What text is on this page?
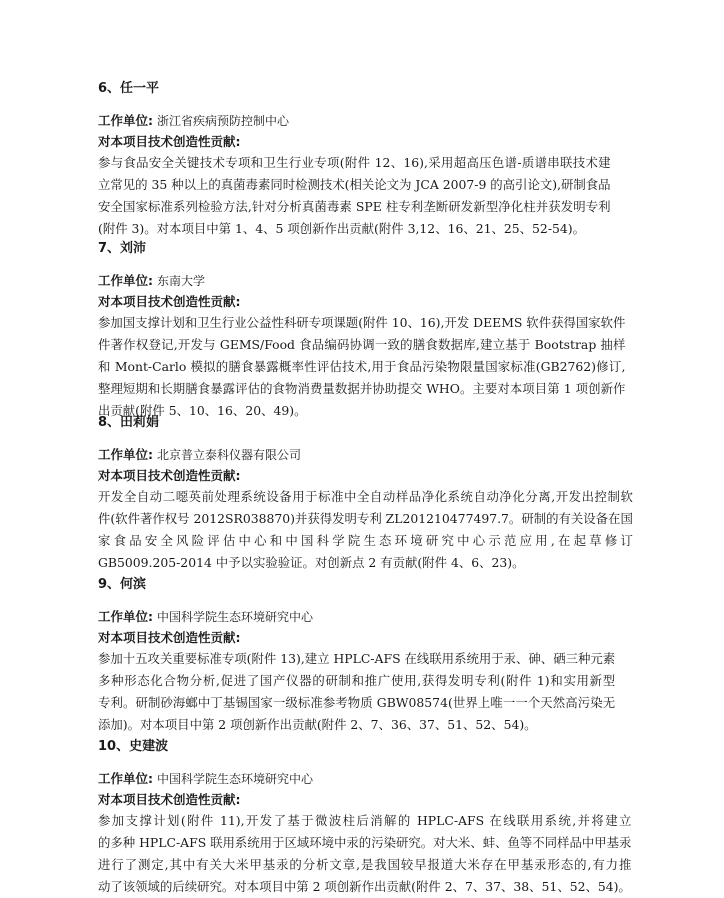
6、任一平
工作单位: 浙江省疾病预防控制中心
对本项目技术创造性贡献:
参与食品安全关键技术专项和卫生行业专项(附件 12、16),采用超高压色谱-质谱串联技术建
立常见的 35 种以上的真菌毒素同时检测技术(相关论文为 JCA 2007-9 的高引论文),研制食品
安全国家标准系列检验方法,针对分析真菌毒素 SPE 柱专利垄断研发新型净化柱并获发明专利
(附件 3)。对本项目中第 1、4、5 项创新作出贡献(附件 3,12、16、21、25、52-54)。
7、刘沛
工作单位: 东南大学
对本项目技术创造性贡献:
参加国支撑计划和卫生行业公益性科研专项课题(附件 10、16),开发 DEEMS 软件获得国家软件
件著作权登记,开发与 GEMS/Food 食品编码协调一致的膳食数据库,建立基于 Bootstrap 抽样
和 Mont-Carlo 模拟的膳食暴露概率性评估技术,用于食品污染物限量国家标准(GB2762)修订,
整理短期和长期膳食暴露评估的食物消费量数据并协助提交 WHO。主要对本项目第 1 项创新作
出贡献(附件 5、10、16、20、49)。
8、田莉娟
工作单位: 北京普立泰科仪器有限公司
对本项目技术创造性贡献:
开发全自动二噁英前处理系统设备用于标准中全自动样品净化系统自动净化分离,开发出控制软
件(软件著作权号 2012SR038870)并获得发明专利 ZL201210477497.7。研制的有关设备在国
家食品安全风险评估中心和中国科学院生态环境研究中心示范应用,在起草修订
GB5009.205-2014 中予以实验验证。对创新点 2 有贡献(附件 4、6、23)。
9、何滨
工作单位: 中国科学院生态环境研究中心
对本项目技术创造性贡献:
参加十五攻关重要标准专项(附件 13),建立 HPLC-AFS 在线联用系统用于汞、砷、硒三种元素
多种形态化合物分析,促进了国产仪器的研制和推广使用,获得发明专利(附件 1)和实用新型
专利。研制砂海螂中丁基锡国家一级标准参考物质 GBW08574(世界上唯一一个天然高污染无
添加)。对本项目中第 2 项创新作出贡献(附件 2、7、36、37、51、52、54)。
10、史建波
工作单位: 中国科学院生态环境研究中心
对本项目技术创造性贡献:
参加支撑计划(附件 11),开发了基于微波柱后消解的 HPLC-AFS 在线联用系统,并将建立
的多种 HPLC-AFS 联用系统用于区域环境中汞的污染研究。对大米、蚌、鱼等不同样品中甲基汞
进行了测定,其中有关大米甲基汞的分析文章,是我国较早报道大米存在甲基汞形态的,有力推
动了该领域的后续研究。对本项目中第 2 项创新作出贡献(附件 2、7、37、38、51、52、54)。
